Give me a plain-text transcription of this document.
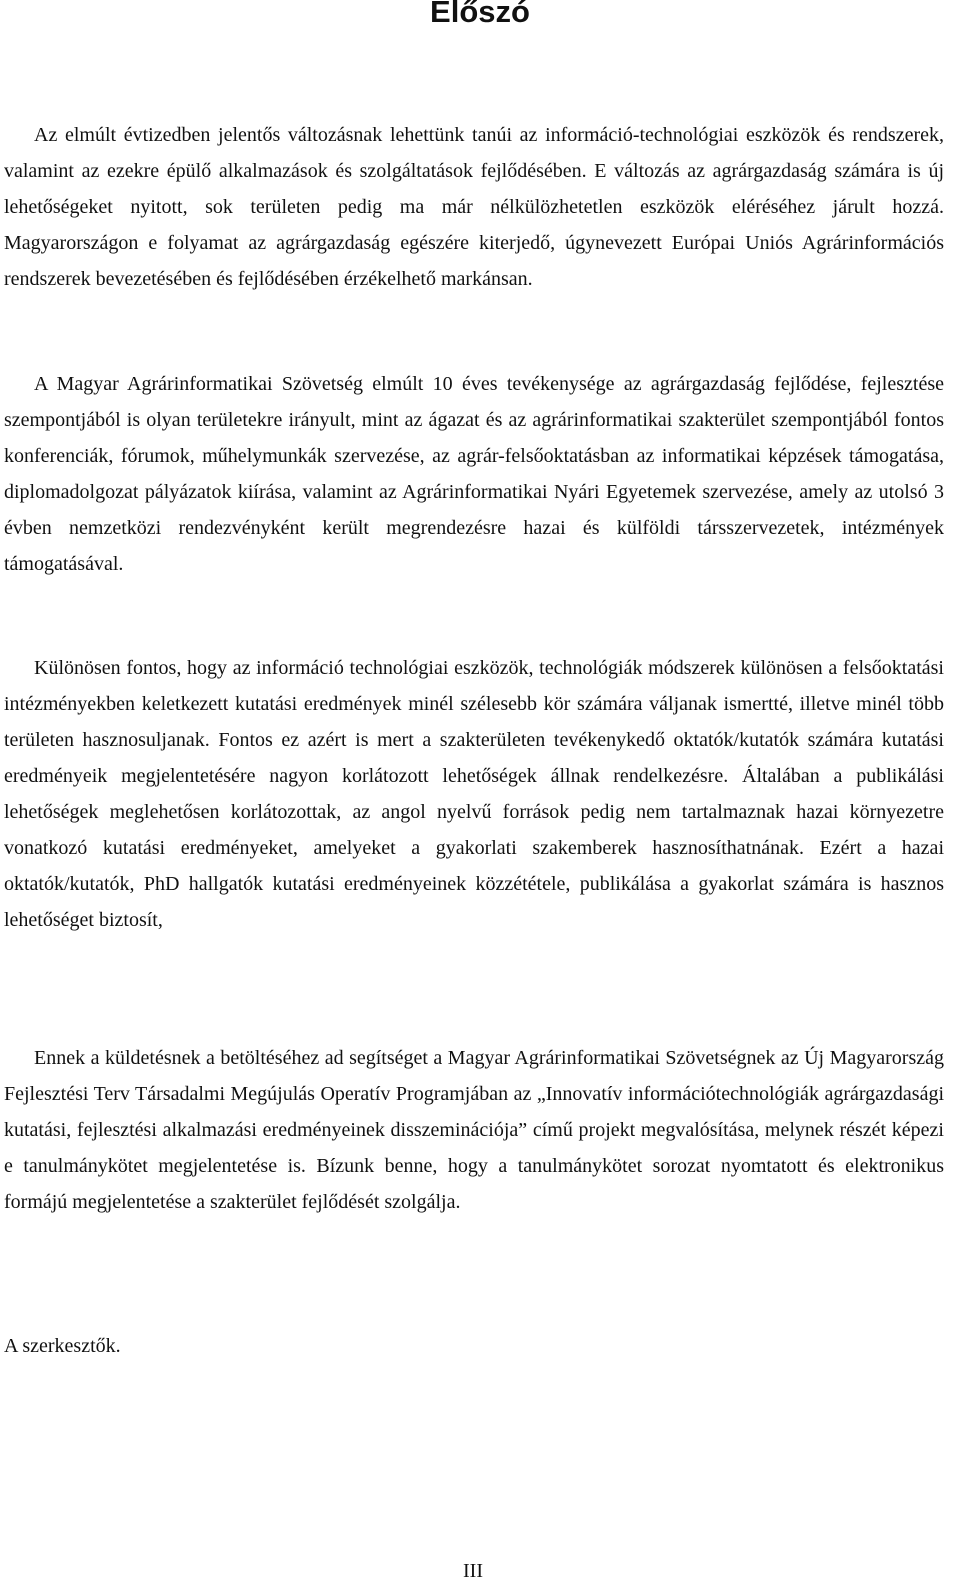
Előszó

Az elmúlt évtizedben jelentős változásnak lehettünk tanúi az információ-technológiai eszközök és rendszerek, valamint az ezekre épülő alkalmazások és szolgáltatások fejlődésében. E változás az agrárgazdaság számára is új lehetőségeket nyitott, sok területen pedig ma már nélkülözhetetlen eszközök eléréséhez járult hozzá. Magyarországon e folyamat az agrárgazdaság egészére kiterjedő, úgynevezett Európai Uniós Agrárinformációs rendszerek bevezetésében és fejlődésében érzékelhető markánsan.

A Magyar Agrárinformatikai Szövetség elmúlt 10 éves tevékenysége az agrárgazdaság fejlődése, fejlesztése szempontjából is olyan területekre irányult, mint az ágazat és az agrárinformatikai szakterület szempontjából fontos konferenciák, fórumok, műhelymunkák szervezése, az agrár-felsőoktatásban az informatikai képzések támogatása, diplomadolgozat pályázatok kiírása, valamint az Agrárinformatikai Nyári Egyetemek szervezése, amely az utolsó 3 évben nemzetközi rendezvényként került megrendezésre hazai és külföldi társszervezetek, intézmények támogatásával.

Különösen fontos, hogy az információ technológiai eszközök, technológiák módszerek különösen a felsőoktatási intézményekben keletkezett kutatási eredmények minél szélesebb kör számára váljanak ismertté, illetve minél több területen hasznosuljanak. Fontos ez azért is mert a szakterületen tevékenykedő oktatók/kutatók számára kutatási eredményeik megjelentetésére nagyon korlátozott lehetőségek állnak rendelkezésre. Általában a publikálási lehetőségek meglehetősen korlátozottak, az angol nyelvű források pedig nem tartalmaznak hazai környezetre vonatkozó kutatási eredményeket, amelyeket a gyakorlati szakemberek hasznosíthatnának. Ezért a hazai oktatók/kutatók, PhD hallgatók kutatási eredményeinek közzététele, publikálása a gyakorlat számára is hasznos lehetőséget biztosít,

Ennek a küldetésnek a betöltéséhez ad segítséget a Magyar Agrárinformatikai Szövetségnek az Új Magyarország Fejlesztési Terv Társadalmi Megújulás Operatív Programjában az „Innovatív információtechnológiák agrárgazdasági kutatási, fejlesztési alkalmazási eredményeinek disszeminációja” című projekt megvalósítása, melynek részét képezi e tanulmánykötet megjelentetése is. Bízunk benne, hogy a tanulmánykötet sorozat nyomtatott és elektronikus formájú megjelentetése a szakterület fejlődését szolgálja.

A szerkesztők.

III
